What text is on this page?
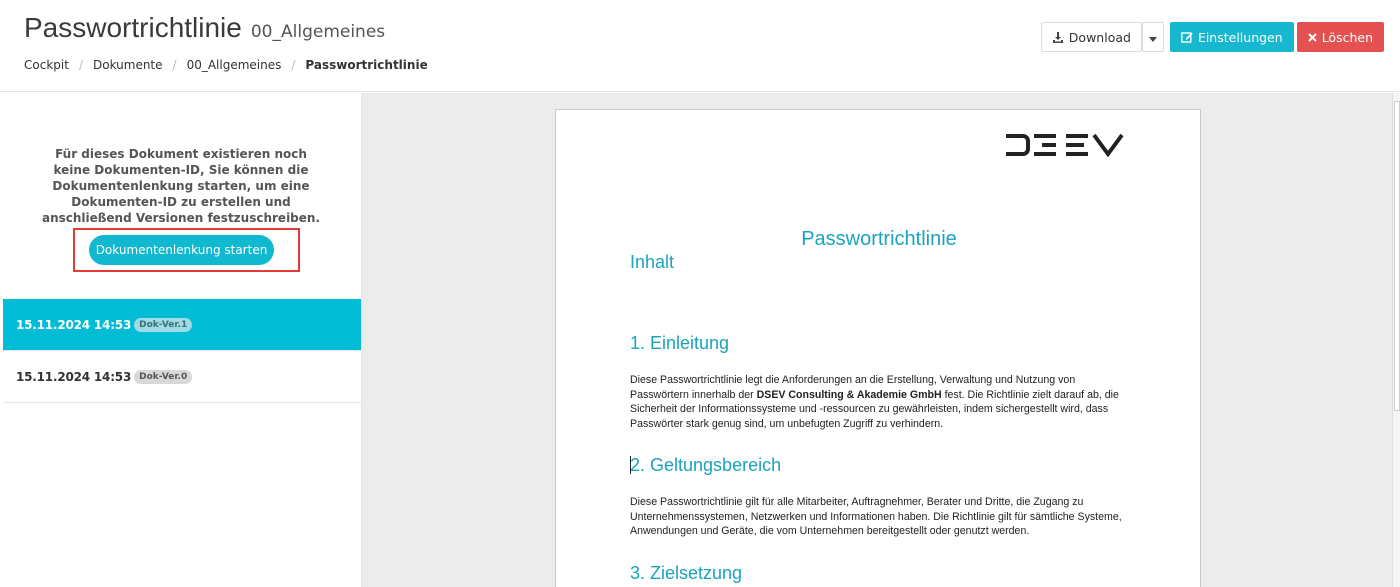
Passwortrichtlinie 00_Allgemeines
Cockpit / Dokumente / 00_Allgemeines / Passwortrichtlinie
Download	Einstellungen	Löschen
Für dieses Dokument existieren noch keine Dokumenten-ID, Sie können die Dokumentenlenkung starten, um eine Dokumenten-ID zu erstellen und anschließend Versionen festzuschreiben.
Dokumentenlenkung starten
15.11.2024 14:53 Dok-Ver.1
15.11.2024 14:53 Dok-Ver.0
Passwortrichtlinie
Inhalt
1. Einleitung
Diese Passwortrichtlinie legt die Anforderungen an die Erstellung, Verwaltung und Nutzung von Passwörtern innerhalb der DSEV Consulting & Akademie GmbH fest. Die Richtlinie zielt darauf ab, die Sicherheit der Informationssysteme und -ressourcen zu gewährleisten, indem sichergestellt wird, dass Passwörter stark genug sind, um unbefugten Zugriff zu verhindern.
2. Geltungsbereich
Diese Passwortrichtlinie gilt für alle Mitarbeiter, Auftragnehmer, Berater und Dritte, die Zugang zu Unternehmenssystemen, Netzwerken und Informationen haben. Die Richtlinie gilt für sämtliche Systeme, Anwendungen und Geräte, die vom Unternehmen bereitgestellt oder genutzt werden.
3. Zielsetzung
